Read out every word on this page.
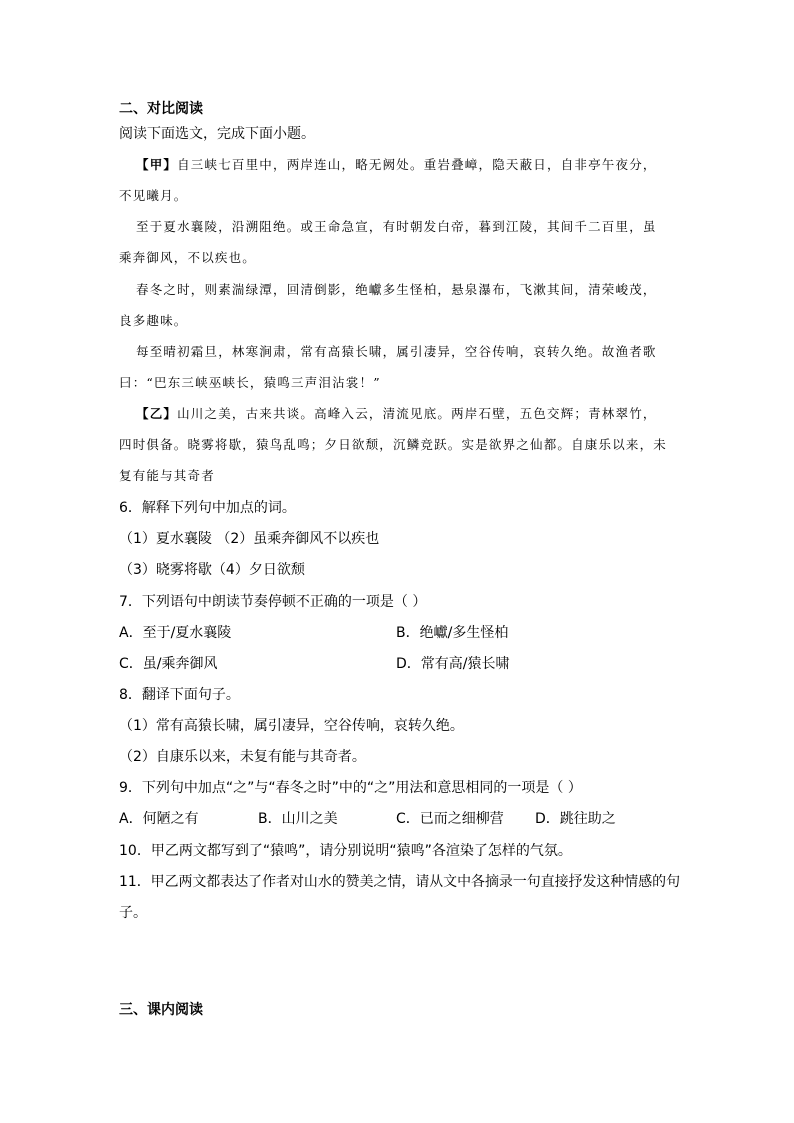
二、对比阅读
阅读下面选文，完成下面小题。
【甲】自三峡七百里中，两岸连山，略无阙处。重岩叠嶂，隐天蔽日，自非亭午夜分，
不见曦月。
至于夏水襄陵，沿溯阻绝。或王命急宣，有时朝发白帝，暮到江陵，其间千二百里，虽
乘奔御风，不以疾也。
春冬之时，则素湍绿潭，回清倒影，绝巘多生怪柏，悬泉瀑布，飞漱其间，清荣峻茂，
良多趣味。
每至晴初霜旦，林寒涧肃，常有高猿长啸，属引凄异，空谷传响，哀转久绝。故渔者歌
曰：“巴东三峡巫峡长，猿鸣三声泪沾裳！”
【乙】山川之美，古来共谈。高峰入云，清流见底。两岸石壁，五色交辉；青林翠竹，
四时俱备。晓雾将歇，猿鸟乱鸣；夕日欲颓，沉鳞竞跃。实是欲界之仙都。自康乐以来，未
复有能与其奇者
6．解释下列句中加点的词。
（1）夏水襄陵 （2）虽乘奔御风不以疾也
（3）晓雾将歇（4）夕日欲颓
7．下列语句中朗读节奏停顿不正确的一项是（ ）
A．至于/夏水襄陵	B．绝巘/多生怪柏
C．虽/乘奔御风	D．常有高/猿长啸
8．翻译下面句子。
（1）常有高猿长啸，属引凄异，空谷传响，哀转久绝。
（2）自康乐以来，未复有能与其奇者。
9．下列句中加点“之”与“春冬之时”中的“之”用法和意思相同的一项是（ ）
A．何陋之有	B．山川之美	C．已而之细柳营 D．跳往助之
10．甲乙两文都写到了“猿鸣”，请分别说明“猿鸣”各渲染了怎样的气氛。
11．甲乙两文都表达了作者对山水的赞美之情，请从文中各摘录一句直接抒发这种情感的句
子。
三、课内阅读
